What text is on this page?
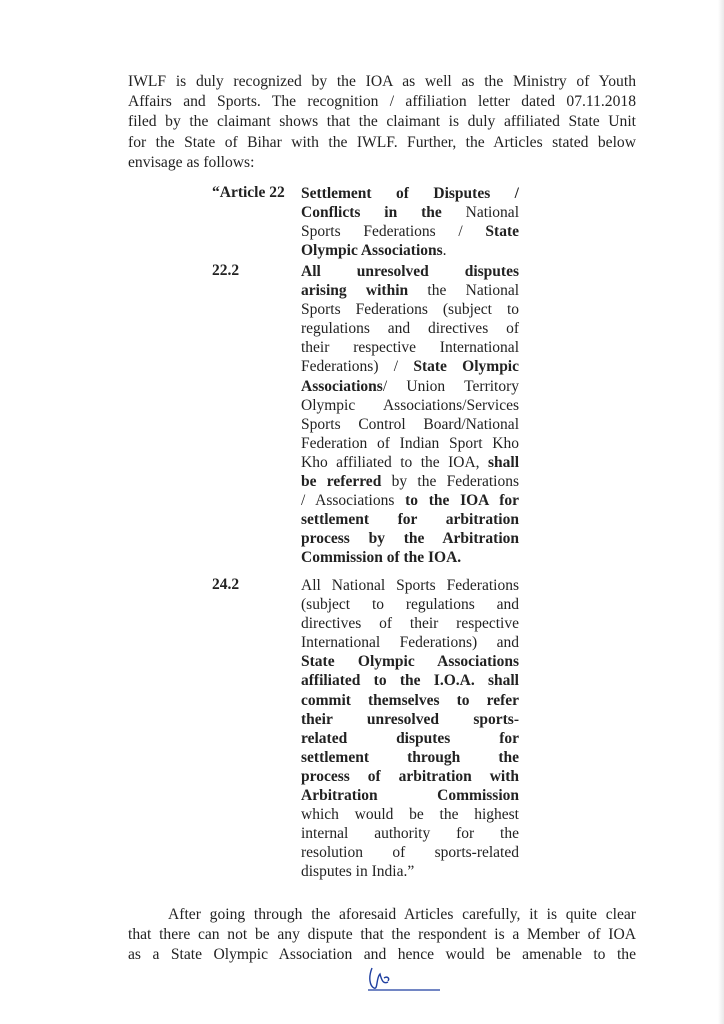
IWLF is duly recognized by the IOA as well as the Ministry of Youth
Affairs and Sports. The recognition / affiliation letter dated 07.11.2018
filed by the claimant shows that the claimant is duly affiliated State Unit
for the State of Bihar with the IWLF. Further, the Articles stated below
envisage as follows:
“Article 22 Settlement of Disputes /
Conflicts in the National
Sports Federations / State
Olympic Associations.
22.2	All unresolved disputes
arising within the National
Sports Federations (subject to
regulations and directives of
their respective International
Federations) / State Olympic
Associations/ Union Territory
Olympic Associations/Services
Sports Control Board/National
Federation of Indian Sport Kho
Kho affiliated to the IOA, shall
be referred by the Federations
/ Associations to the IOA for
settlement for arbitration
process by the Arbitration
Commission of the IOA.
24.2	All National Sports Federations
(subject to regulations and
directives of their respective
International Federations) and
State Olympic Associations
affiliated to the I.O.A. shall
commit themselves to refer
their unresolved sports-
related disputes for
settlement through the
process of arbitration with
Arbitration Commission
which would be the highest
internal authority for the
resolution of sports-related
disputes in India.”
After going through the aforesaid Articles carefully, it is quite clear
that there can not be any dispute that the respondent is a Member of IOA
as a State Olympic Association and hence would be amenable to the
